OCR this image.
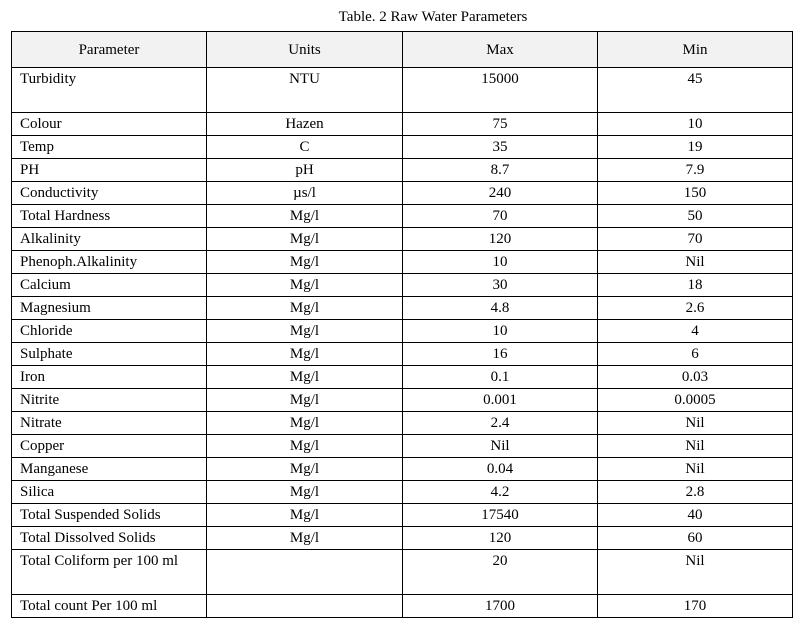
Table. 2 Raw Water Parameters
Parameter	Units	Max	Min
Turbidity	NTU	15000	45
Colour	Hazen	75	10
Temp	C	35	19
PH	pH	8.7	7.9
Conductivity	µs/l	240	150
Total Hardness	Mg/l	70	50
Alkalinity	Mg/l	120	70
Phenoph.Alkalinity	Mg/l	10	Nil
Calcium	Mg/l	30	18
Magnesium	Mg/l	4.8	2.6
Chloride	Mg/l	10	4
Sulphate	Mg/l	16	6
Iron	Mg/l	0.1	0.03
Nitrite	Mg/l	0.001	0.0005
Nitrate	Mg/l	2.4	Nil
Copper	Mg/l	Nil	Nil
Manganese	Mg/l	0.04	Nil
Silica	Mg/l	4.2	2.8
Total Suspended Solids	Mg/l	17540	40
Total Dissolved Solids	Mg/l	120	60
Total Coliform per 100 ml		20	Nil
Total count Per 100 ml		1700	170
